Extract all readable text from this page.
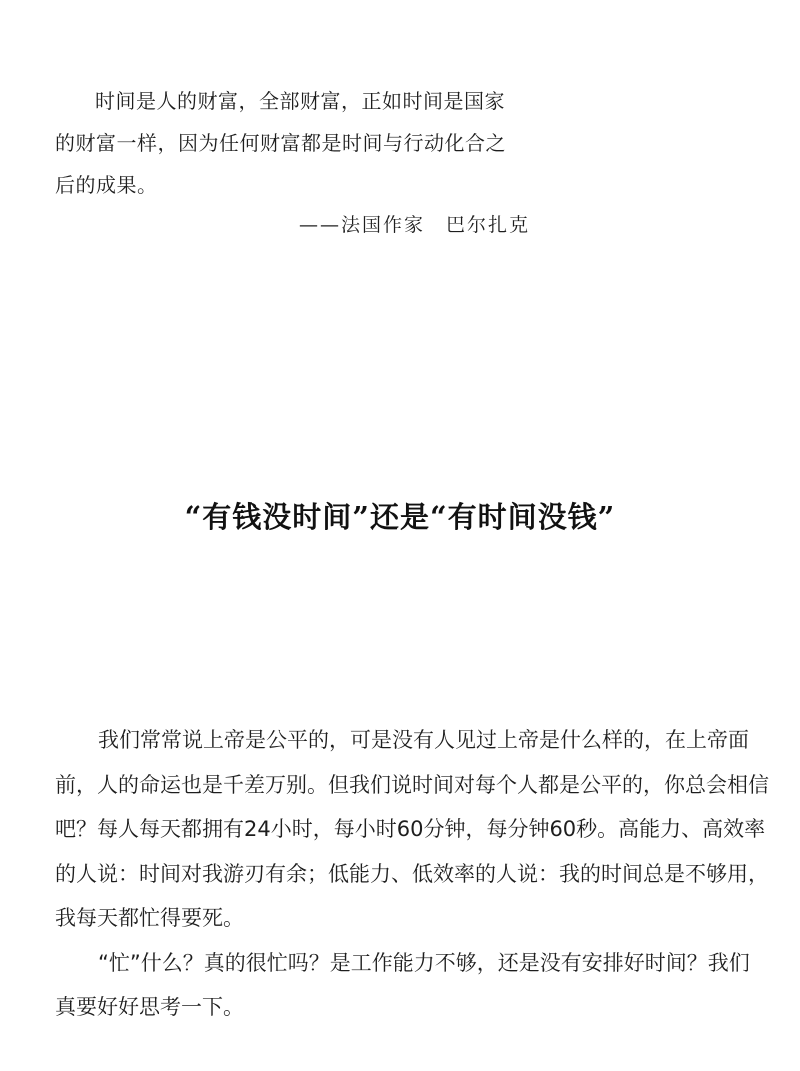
时间是人的财富，全部财富，正如时间是国家的财富一样，因为任何财富都是时间与行动化合之后的成果。

——法国作家　巴尔扎克
“有钱没时间”还是“有时间没钱”

我们常常说上帝是公平的，可是没有人见过上帝是什么样的，在上帝面前，人的命运也是千差万别。但我们说时间对每个人都是公平的，你总会相信吧？每人每天都拥有24小时，每小时60分钟，每分钟60秒。高能力、高效率的人说：时间对我游刃有余；低能力、低效率的人说：我的时间总是不够用，我每天都忙得要死。

“忙”什么？真的很忙吗？是工作能力不够，还是没有安排好时间？我们真要好好思考一下。
